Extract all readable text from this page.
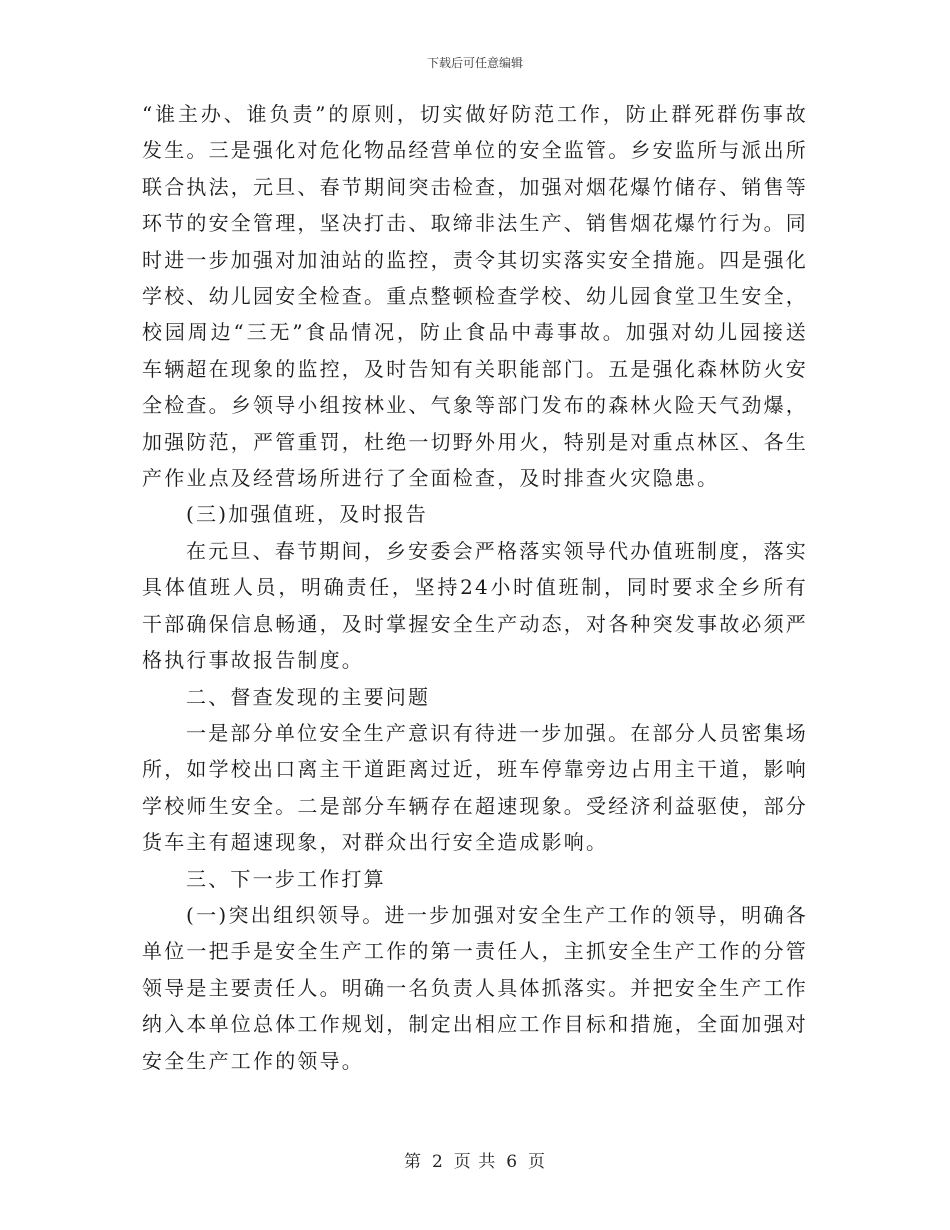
下载后可任意编辑

“谁主办、谁负责”的原则，切实做好防范工作，防止群死群伤事故发生。三是强化对危化物品经营单位的安全监管。乡安监所与派出所联合执法，元旦、春节期间突击检查，加强对烟花爆竹储存、销售等环节的安全管理，坚决打击、取缔非法生产、销售烟花爆竹行为。同时进一步加强对加油站的监控，责令其切实落实安全措施。四是强化学校、幼儿园安全检查。重点整顿检查学校、幼儿园食堂卫生安全，校园周边“三无”食品情况，防止食品中毒事故。加强对幼儿园接送车辆超在现象的监控，及时告知有关职能部门。五是强化森林防火安全检查。乡领导小组按林业、气象等部门发布的森林火险天气劲爆，加强防范，严管重罚，杜绝一切野外用火，特别是对重点林区、各生产作业点及经营场所进行了全面检查，及时排查火灾隐患。

(三)加强值班，及时报告

在元旦、春节期间，乡安委会严格落实领导代办值班制度，落实具体值班人员，明确责任，坚持24小时值班制，同时要求全乡所有干部确保信息畅通，及时掌握安全生产动态，对各种突发事故必须严格执行事故报告制度。

二、督查发现的主要问题

一是部分单位安全生产意识有待进一步加强。在部分人员密集场所，如学校出口离主干道距离过近，班车停靠旁边占用主干道，影响学校师生安全。二是部分车辆存在超速现象。受经济利益驱使，部分货车主有超速现象，对群众出行安全造成影响。

三、下一步工作打算

(一)突出组织领导。进一步加强对安全生产工作的领导，明确各单位一把手是安全生产工作的第一责任人，主抓安全生产工作的分管领导是主要责任人。明确一名负责人具体抓落实。并把安全生产工作纳入本单位总体工作规划，制定出相应工作目标和措施，全面加强对安全生产工作的领导。

第 2 页 共 6 页
